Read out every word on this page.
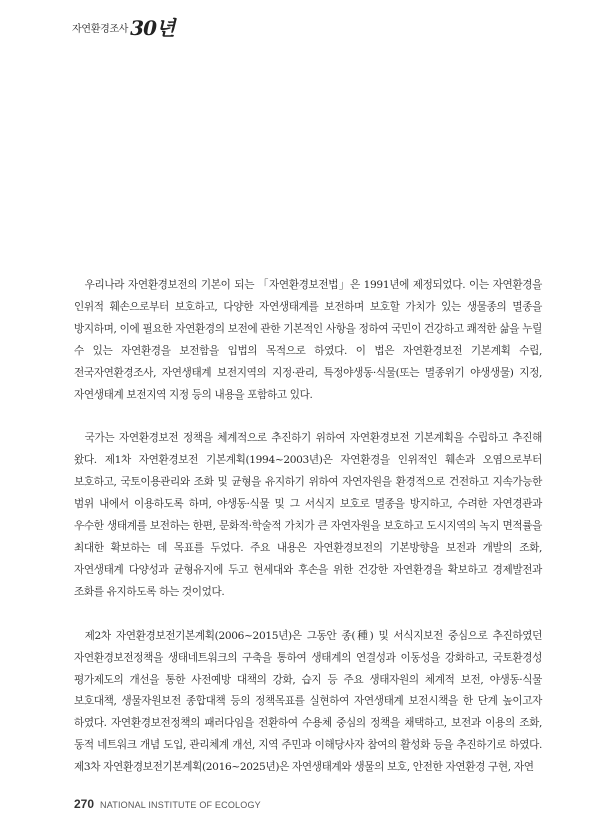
자연환경조사 30년

우리나라 자연환경보전의 기본이 되는 「자연환경보전법」은 1991년에 제정되었다. 이는 자연환경을 인위적 훼손으로부터 보호하고, 다양한 자연생태계를 보전하며 보호할 가치가 있는 생물종의 멸종을 방지하며, 이에 필요한 자연환경의 보전에 관한 기본적인 사항을 정하여 국민이 건강하고 쾌적한 삶을 누릴 수 있는 자연환경을 보전함을 입법의 목적으로 하였다. 이 법은 자연환경보전 기본계획 수립, 전국자연환경조사, 자연생태계 보전지역의 지정·관리, 특정야생동·식물(또는 멸종위기 야생생물) 지정, 자연생태계 보전지역 지정 등의 내용을 포함하고 있다.

국가는 자연환경보전 정책을 체계적으로 추진하기 위하여 자연환경보전 기본계획을 수립하고 추진해 왔다. 제1차 자연환경보전 기본계획(1994~2003년)은 자연환경을 인위적인 훼손과 오염으로부터 보호하고, 국토이용관리와 조화 및 균형을 유지하기 위하여 자연자원을 환경적으로 건전하고 지속가능한 범위 내에서 이용하도록 하며, 야생동·식물 및 그 서식지 보호로 멸종을 방지하고, 수려한 자연경관과 우수한 생태계를 보전하는 한편, 문화적·학술적 가치가 큰 자연자원을 보호하고 도시지역의 녹지 면적률을 최대한 확보하는 데 목표를 두었다. 주요 내용은 자연환경보전의 기본방향을 보전과 개발의 조화, 자연생태계 다양성과 균형유지에 두고 현세대와 후손을 위한 건강한 자연환경을 확보하고 경제발전과 조화를 유지하도록 하는 것이었다.

제2차 자연환경보전기본계획(2006~2015년)은 그동안 종(種) 및 서식지보전 중심으로 추진하였던 자연환경보전정책을 생태네트워크의 구축을 통하여 생태계의 연결성과 이동성을 강화하고, 국토환경성 평가제도의 개선을 통한 사전예방 대책의 강화, 습지 등 주요 생태자원의 체계적 보전, 야생동·식물 보호대책, 생물자원보전 종합대책 등의 정책목표를 실현하여 자연생태계 보전시책을 한 단계 높이고자 하였다. 자연환경보전정책의 패러다임을 전환하여 수용체 중심의 정책을 채택하고, 보전과 이용의 조화, 동적 네트워크 개념 도입, 관리체계 개선, 지역 주민과 이해당사자 참여의 활성화 등을 추진하기로 하였다. 제3차 자연환경보전기본계획(2016~2025년)은 자연생태계와 생물의 보호, 안전한 자연환경 구현, 자연

270 NATIONAL INSTITUTE OF ECOLOGY
